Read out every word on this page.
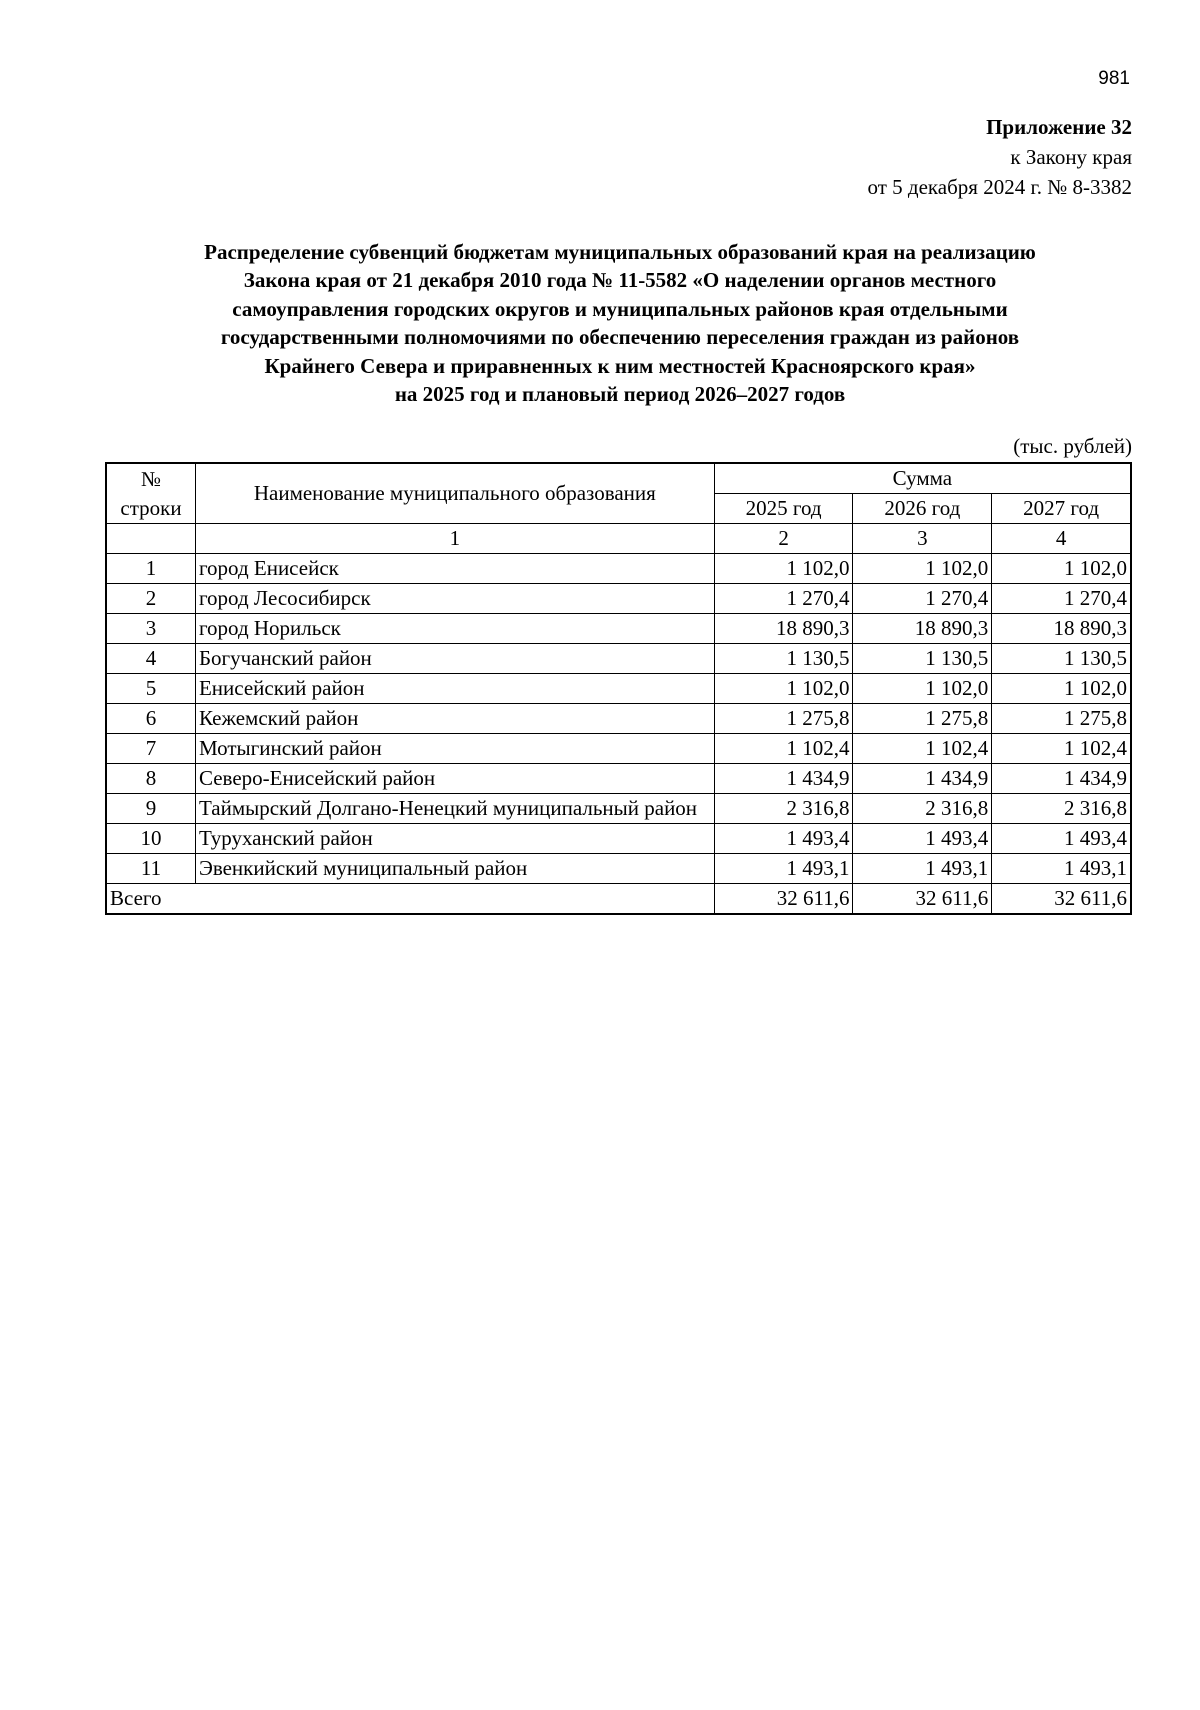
981
Приложение 32
к Закону края
от 5 декабря 2024 г. № 8-3382
Распределение субвенций бюджетам муниципальных образований края на реализацию
Закона края от 21 декабря 2010 года № 11-5582 «О наделении органов местного
самоуправления городских округов и муниципальных районов края отдельными
государственными полномочиями по обеспечению переселения граждан из районов
Крайнего Севера и приравненных к ним местностей Красноярского края»
на 2025 год и плановый период 2026–2027 годов
(тыс. рублей)
№
строки	Наименование муниципального образования	Сумма		
		2025 год	2026 год	2027 год
	1	2	3	4
1	город Енисейск	1 102,0	1 102,0	1 102,0
2	город Лесосибирск	1 270,4	1 270,4	1 270,4
3	город Норильск	18 890,3	18 890,3	18 890,3
4	Богучанский район	1 130,5	1 130,5	1 130,5
5	Енисейский район	1 102,0	1 102,0	1 102,0
6	Кежемский район	1 275,8	1 275,8	1 275,8
7	Мотыгинский район	1 102,4	1 102,4	1 102,4
8	Северо-Енисейский район	1 434,9	1 434,9	1 434,9
9	Таймырский Долгано-Ненецкий муниципальный район	2 316,8	2 316,8	2 316,8
10	Туруханский район	1 493,4	1 493,4	1 493,4
11	Эвенкийский муниципальный район	1 493,1	1 493,1	1 493,1
Всего		32 611,6	32 611,6	32 611,6
